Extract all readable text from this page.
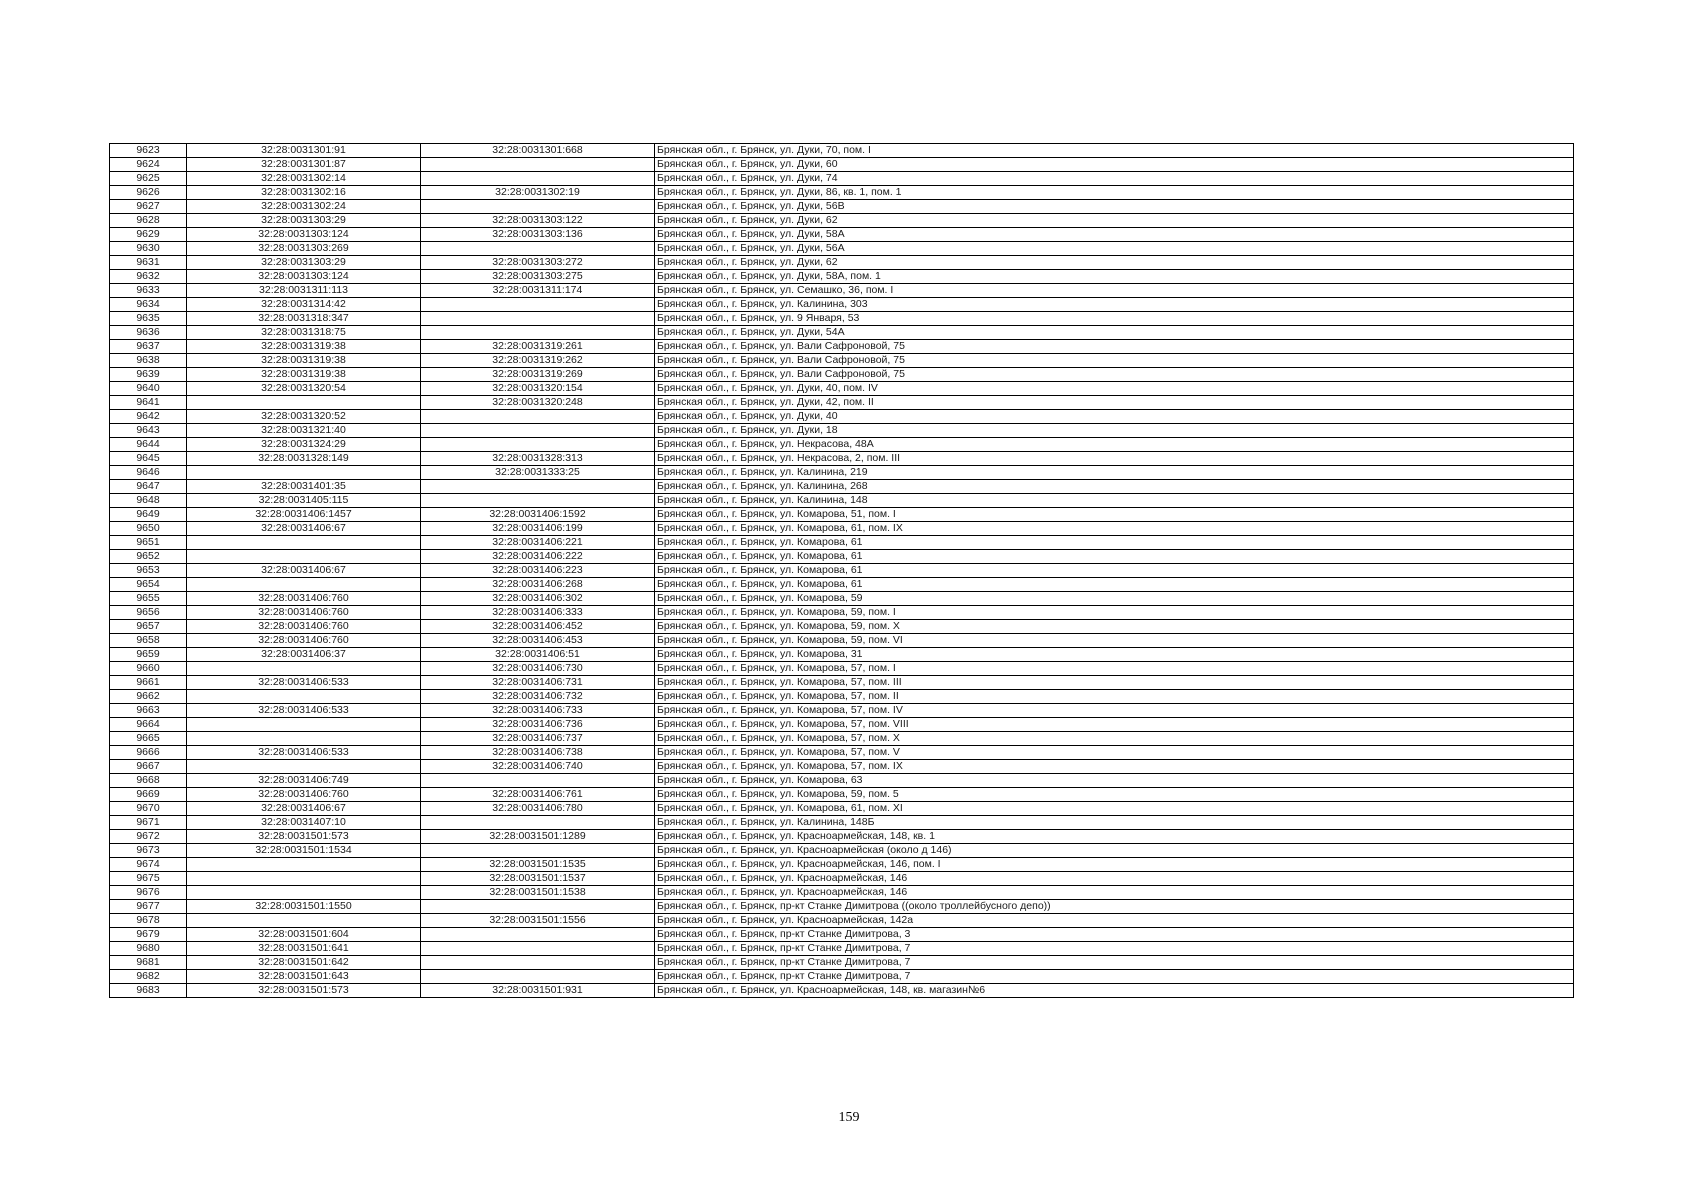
9623	32:28:0031301:91	32:28:0031301:668	Брянская обл., г. Брянск, ул. Дуки, 70, пом. I
9624	32:28:0031301:87		Брянская обл., г. Брянск, ул. Дуки, 60
9625	32:28:0031302:14		Брянская обл., г. Брянск, ул. Дуки, 74
9626	32:28:0031302:16	32:28:0031302:19	Брянская обл., г. Брянск, ул. Дуки, 86, кв. 1, пом. 1
9627	32:28:0031302:24		Брянская обл., г. Брянск, ул. Дуки, 56В
9628	32:28:0031303:29	32:28:0031303:122	Брянская обл., г. Брянск, ул. Дуки, 62
9629	32:28:0031303:124	32:28:0031303:136	Брянская обл., г. Брянск, ул. Дуки, 58А
9630	32:28:0031303:269		Брянская обл., г. Брянск, ул. Дуки, 56А
9631	32:28:0031303:29	32:28:0031303:272	Брянская обл., г. Брянск, ул. Дуки, 62
9632	32:28:0031303:124	32:28:0031303:275	Брянская обл., г. Брянск, ул. Дуки, 58А, пом. 1
9633	32:28:0031311:113	32:28:0031311:174	Брянская обл., г. Брянск, ул. Семашко, 36, пом. I
9634	32:28:0031314:42		Брянская обл., г. Брянск, ул. Калинина, 303
9635	32:28:0031318:347		Брянская обл., г. Брянск, ул. 9 Января, 53
9636	32:28:0031318:75		Брянская обл., г. Брянск, ул. Дуки, 54А
9637	32:28:0031319:38	32:28:0031319:261	Брянская обл., г. Брянск, ул. Вали Сафроновой, 75
9638	32:28:0031319:38	32:28:0031319:262	Брянская обл., г. Брянск, ул. Вали Сафроновой, 75
9639	32:28:0031319:38	32:28:0031319:269	Брянская обл., г. Брянск, ул. Вали Сафроновой, 75
9640	32:28:0031320:54	32:28:0031320:154	Брянская обл., г. Брянск, ул. Дуки, 40, пом. IV
9641		32:28:0031320:248	Брянская обл., г. Брянск, ул. Дуки, 42, пом. II
9642	32:28:0031320:52		Брянская обл., г. Брянск, ул. Дуки, 40
9643	32:28:0031321:40		Брянская обл., г. Брянск, ул. Дуки, 18
9644	32:28:0031324:29		Брянская обл., г. Брянск, ул. Некрасова, 48А
9645	32:28:0031328:149	32:28:0031328:313	Брянская обл., г. Брянск, ул. Некрасова, 2, пом. III
9646		32:28:0031333:25	Брянская обл., г. Брянск, ул. Калинина, 219
9647	32:28:0031401:35		Брянская обл., г. Брянск, ул. Калинина, 268
9648	32:28:0031405:115		Брянская обл., г. Брянск, ул. Калинина, 148
9649	32:28:0031406:1457	32:28:0031406:1592	Брянская обл., г. Брянск, ул. Комарова, 51, пом. I
9650	32:28:0031406:67	32:28:0031406:199	Брянская обл., г. Брянск, ул. Комарова, 61, пом. IX
9651		32:28:0031406:221	Брянская обл., г. Брянск, ул. Комарова, 61
9652		32:28:0031406:222	Брянская обл., г. Брянск, ул. Комарова, 61
9653	32:28:0031406:67	32:28:0031406:223	Брянская обл., г. Брянск, ул. Комарова, 61
9654		32:28:0031406:268	Брянская обл., г. Брянск, ул. Комарова, 61
9655	32:28:0031406:760	32:28:0031406:302	Брянская обл., г. Брянск, ул. Комарова, 59
9656	32:28:0031406:760	32:28:0031406:333	Брянская обл., г. Брянск, ул. Комарова, 59, пом. I
9657	32:28:0031406:760	32:28:0031406:452	Брянская обл., г. Брянск, ул. Комарова, 59, пом. X
9658	32:28:0031406:760	32:28:0031406:453	Брянская обл., г. Брянск, ул. Комарова, 59, пом. VI
9659	32:28:0031406:37	32:28:0031406:51	Брянская обл., г. Брянск, ул. Комарова, 31
9660		32:28:0031406:730	Брянская обл., г. Брянск, ул. Комарова, 57, пом. I
9661	32:28:0031406:533	32:28:0031406:731	Брянская обл., г. Брянск, ул. Комарова, 57, пом. III
9662		32:28:0031406:732	Брянская обл., г. Брянск, ул. Комарова, 57, пом. II
9663	32:28:0031406:533	32:28:0031406:733	Брянская обл., г. Брянск, ул. Комарова, 57, пом. IV
9664		32:28:0031406:736	Брянская обл., г. Брянск, ул. Комарова, 57, пом. VIII
9665		32:28:0031406:737	Брянская обл., г. Брянск, ул. Комарова, 57, пом. X
9666	32:28:0031406:533	32:28:0031406:738	Брянская обл., г. Брянск, ул. Комарова, 57, пом. V
9667		32:28:0031406:740	Брянская обл., г. Брянск, ул. Комарова, 57, пом. IX
9668	32:28:0031406:749		Брянская обл., г. Брянск, ул. Комарова, 63
9669	32:28:0031406:760	32:28:0031406:761	Брянская обл., г. Брянск, ул. Комарова, 59, пом. 5
9670	32:28:0031406:67	32:28:0031406:780	Брянская обл., г. Брянск, ул. Комарова, 61, пом. XI
9671	32:28:0031407:10		Брянская обл., г. Брянск, ул. Калинина, 148Б
9672	32:28:0031501:573	32:28:0031501:1289	Брянская обл., г. Брянск, ул. Красноармейская, 148, кв. 1
9673	32:28:0031501:1534		Брянская обл., г. Брянск, ул. Красноармейская (около д 146)
9674		32:28:0031501:1535	Брянская обл., г. Брянск, ул. Красноармейская, 146, пом. I
9675		32:28:0031501:1537	Брянская обл., г. Брянск, ул. Красноармейская, 146
9676		32:28:0031501:1538	Брянская обл., г. Брянск, ул. Красноармейская, 146
9677	32:28:0031501:1550		Брянская обл., г. Брянск, пр-кт Станке Димитрова ((около троллейбусного депо))
9678		32:28:0031501:1556	Брянская обл., г. Брянск, ул. Красноармейская, 142а
9679	32:28:0031501:604		Брянская обл., г. Брянск, пр-кт Станке Димитрова, 3
9680	32:28:0031501:641		Брянская обл., г. Брянск, пр-кт Станке Димитрова, 7
9681	32:28:0031501:642		Брянская обл., г. Брянск, пр-кт Станке Димитрова, 7
9682	32:28:0031501:643		Брянская обл., г. Брянск, пр-кт Станке Димитрова, 7
9683	32:28:0031501:573	32:28:0031501:931	Брянская обл., г. Брянск, ул. Красноармейская, 148, кв. магазин№6
159
